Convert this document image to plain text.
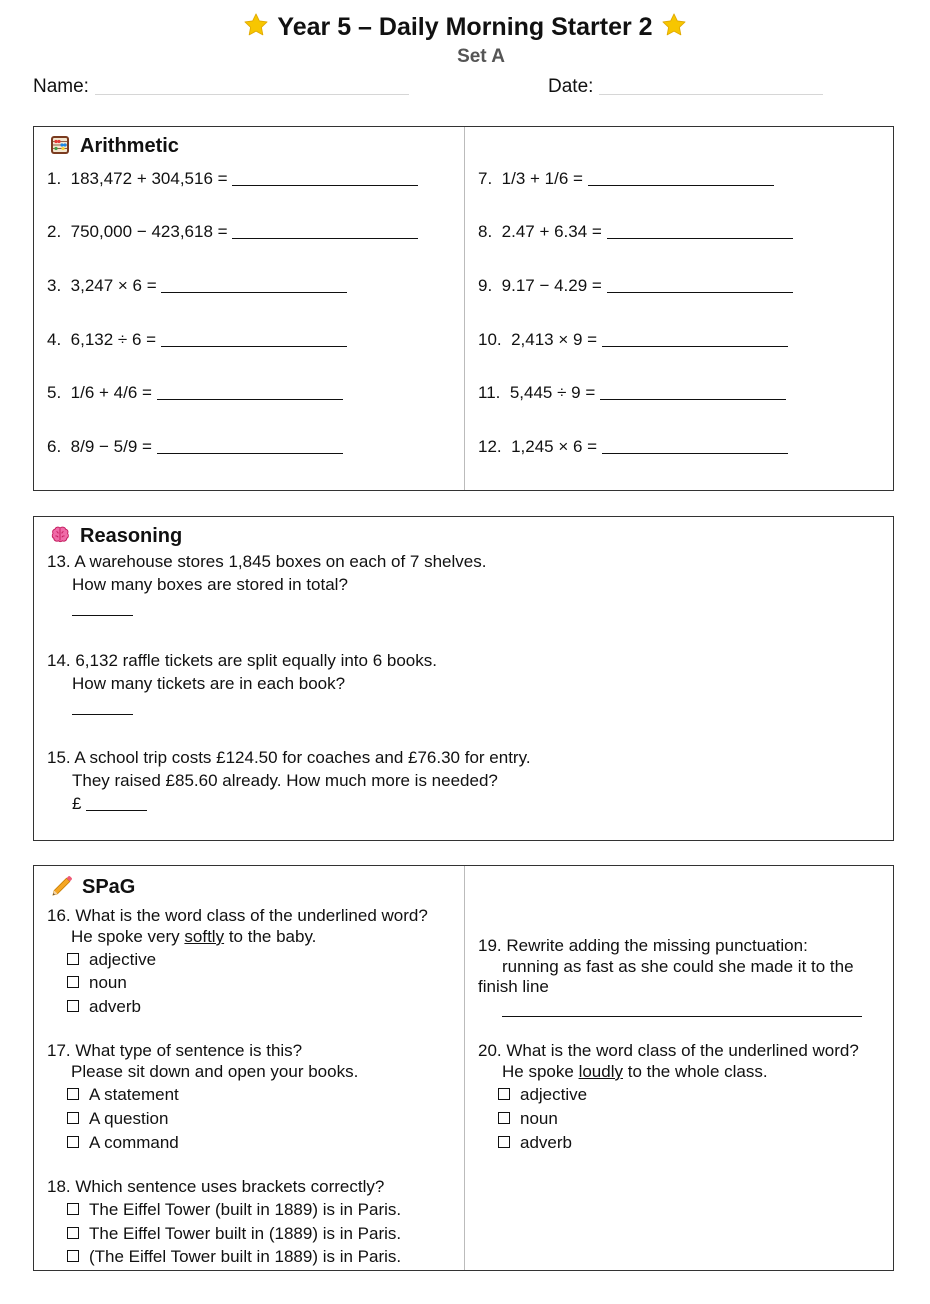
Year 5 – Daily Morning Starter 2
Set A
Name:	Date:
Arithmetic
1. 183,472 + 304,516 =
2. 750,000 − 423,618 =
3. 3,247 × 6 =
4. 6,132 ÷ 6 =
5. 1/6 + 4/6 =
6. 8/9 − 5/9 =
7. 1/3 + 1/6 =
8. 2.47 + 6.34 =
9. 9.17 − 4.29 =
10. 2,413 × 9 =
11. 5,445 ÷ 9 =
12. 1,245 × 6 =
Reasoning
13. A warehouse stores 1,845 boxes on each of 7 shelves.
How many boxes are stored in total?
14. 6,132 raffle tickets are split equally into 6 books.
How many tickets are in each book?
15. A school trip costs £124.50 for coaches and £76.30 for entry.
They raised £85.60 already. How much more is needed?
£
SPaG
16. What is the word class of the underlined word?
He spoke very softly to the baby.
adjective
noun
adverb
17. What type of sentence is this?
Please sit down and open your books.
A statement
A question
A command
18. Which sentence uses brackets correctly?
The Eiffel Tower (built in 1889) is in Paris.
The Eiffel Tower built in (1889) is in Paris.
(The Eiffel Tower built in 1889) is in Paris.
19. Rewrite adding the missing punctuation:
running as fast as she could she made it to the
finish line
20. What is the word class of the underlined word?
He spoke loudly to the whole class.
adjective
noun
adverb
